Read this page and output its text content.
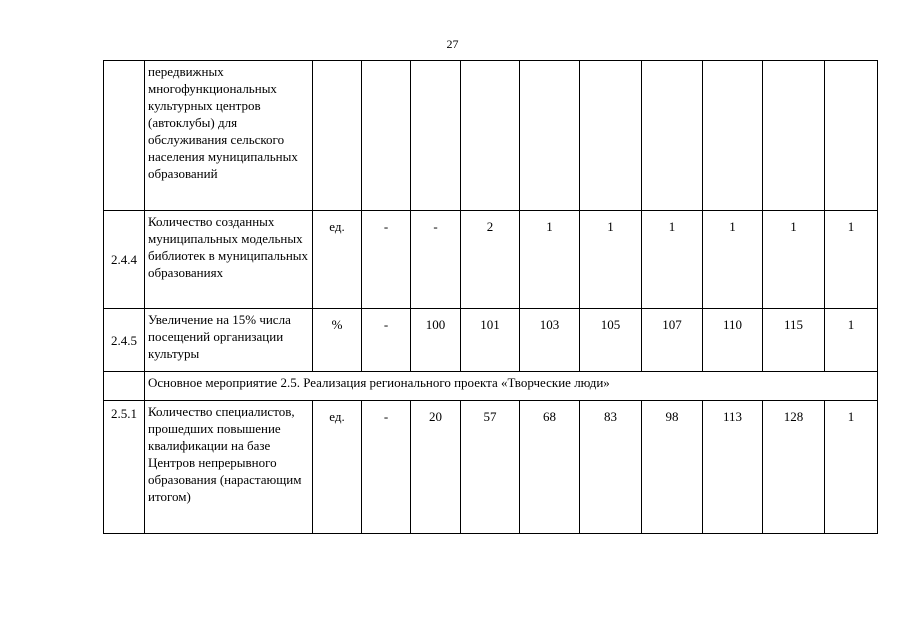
27
	передвижных многофункциональных культурных центров (автоклубы) для обслуживания сельского населения муниципальных образований										
2.4.4	Количество созданных муниципальных модельных библиотек в муниципальных образованиях	ед.	-	-	2	1	1	1	1	1	1
2.4.5	Увеличение на 15% числа посещений организации культуры	%	-	100	101	103	105	107	110	115	1
	Основное мероприятие 2.5. Реализация регионального проекта «Творческие люди»										
2.5.1	Количество специалистов, прошедших повышение квалификации на базе Центров непрерывного образования (нарастающим итогом)	ед.	-	20	57	68	83	98	113	128	1
